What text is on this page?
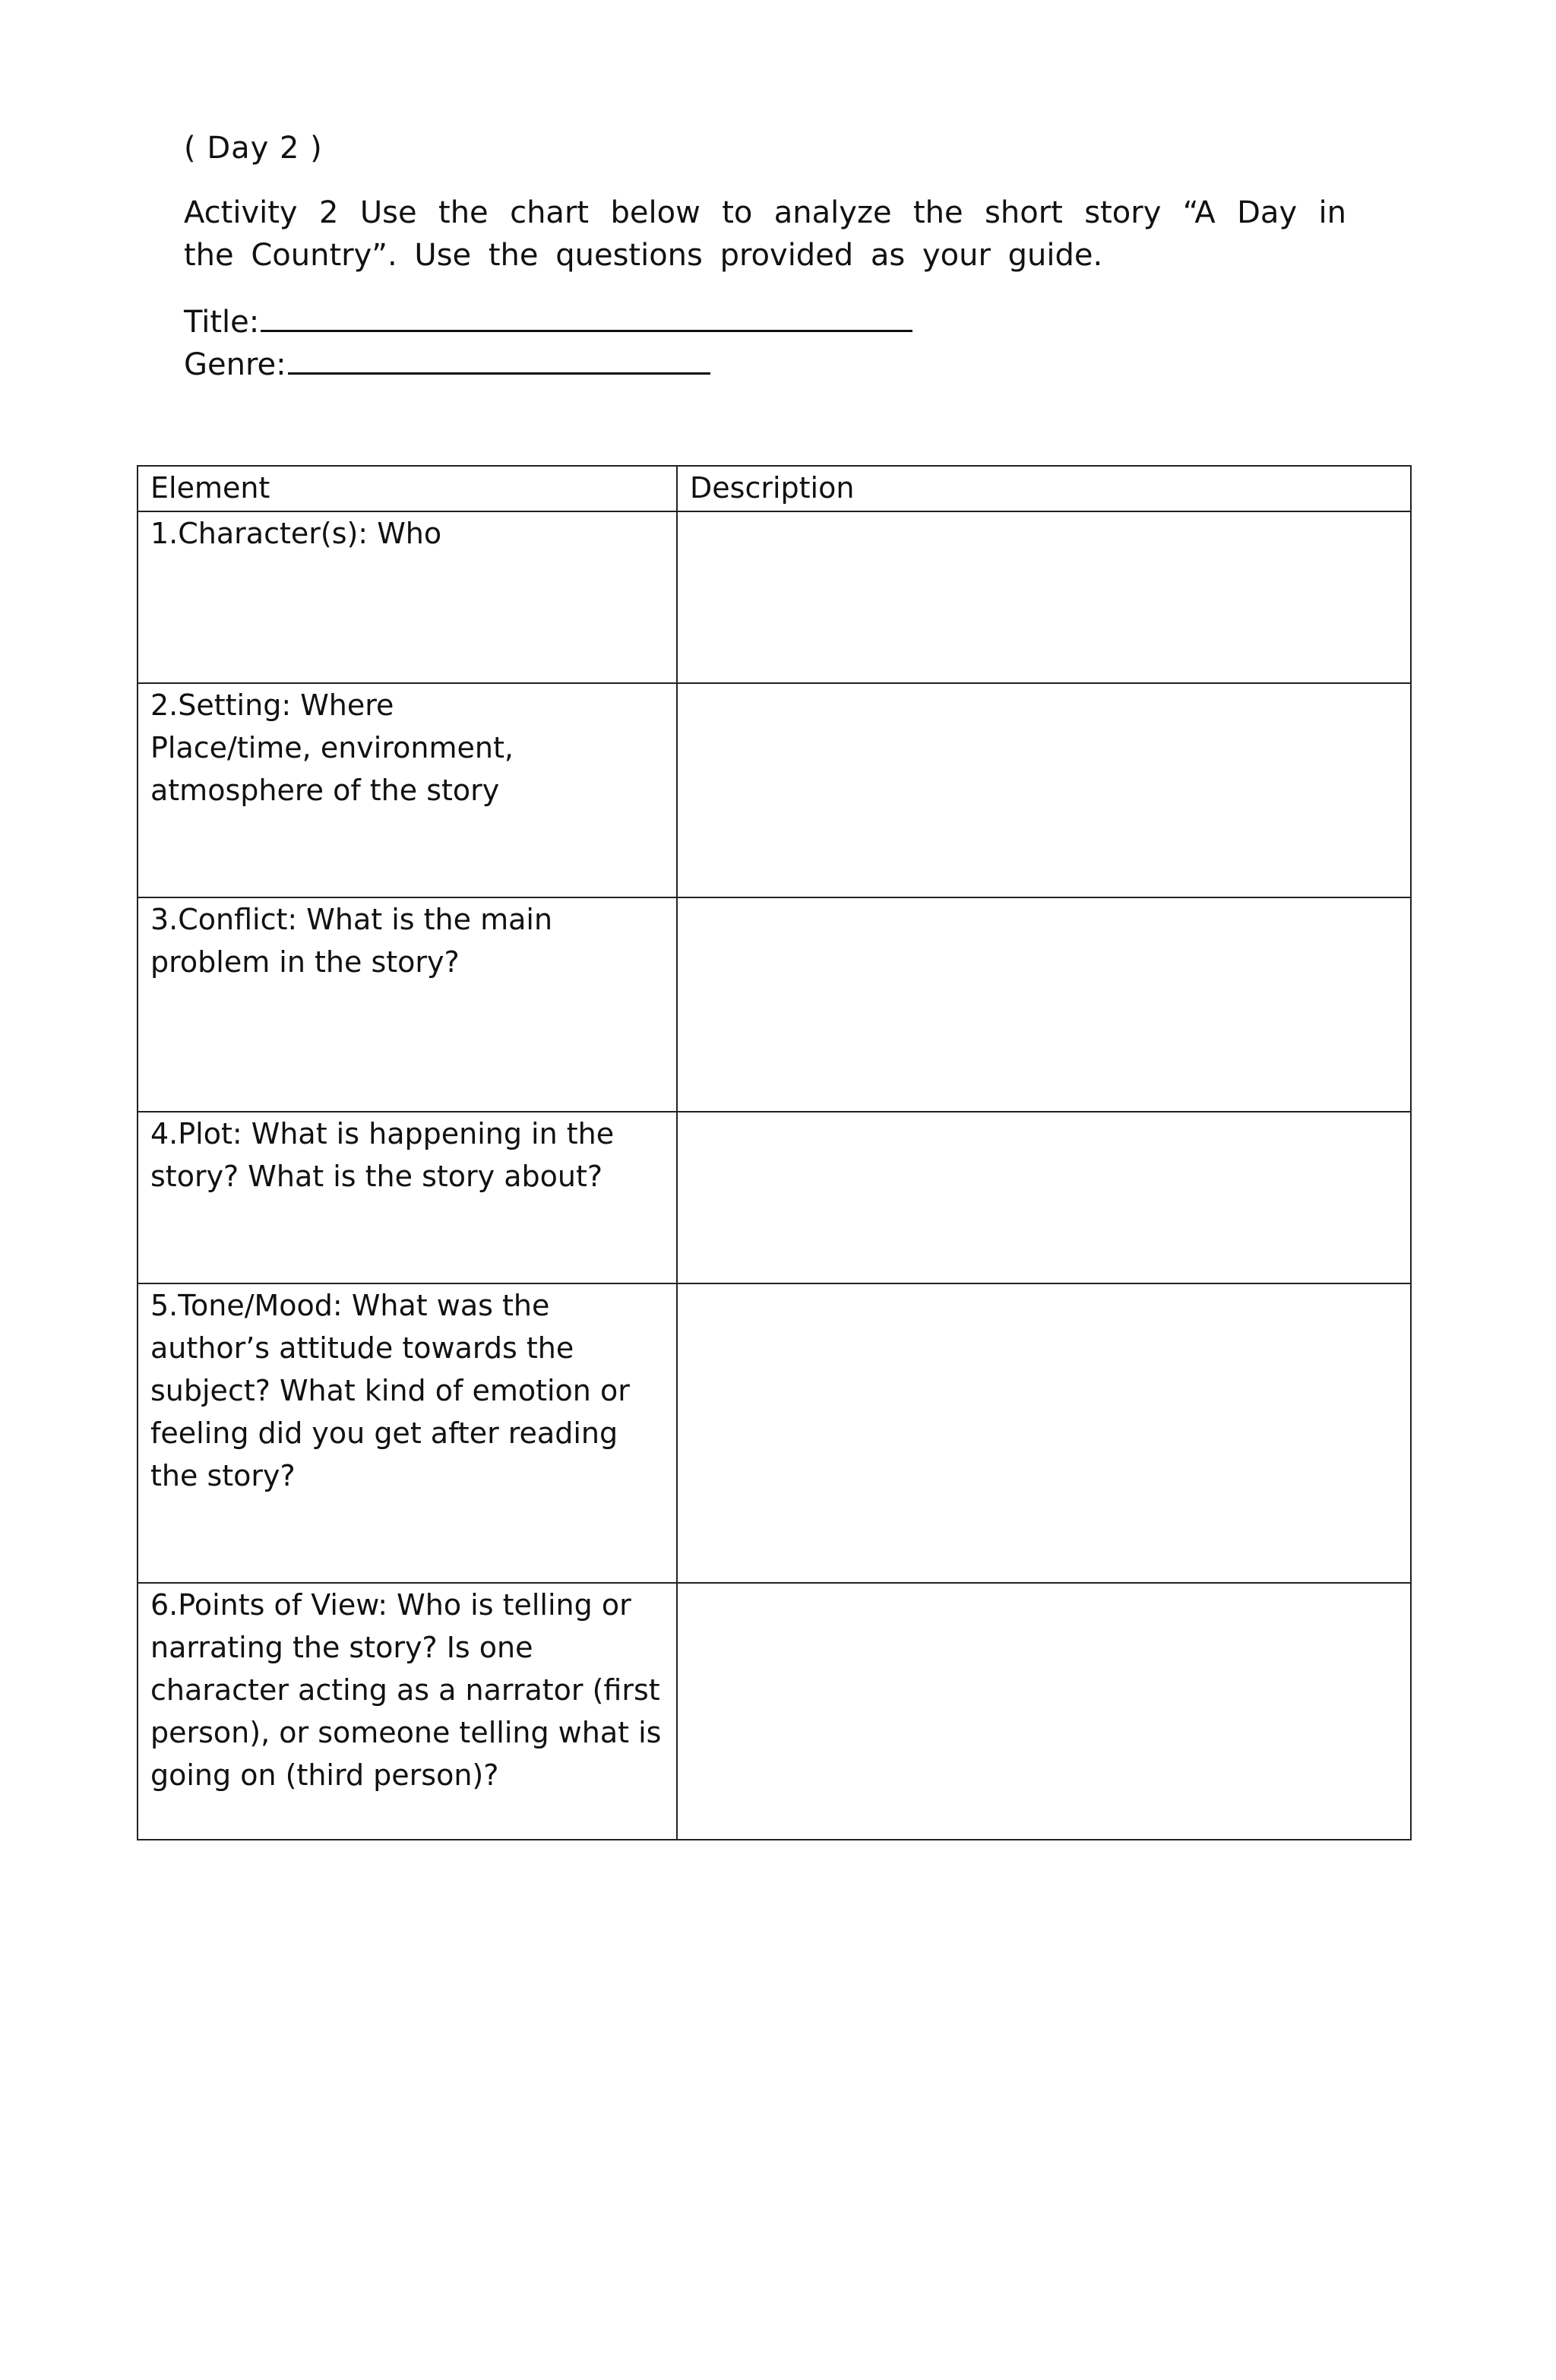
( Day 2 )
Activity 2 Use the chart below to analyze the short story “A Day in the Country”. Use the questions provided as your guide.
Title:
Genre:
Element	Description

1.Character(s): Who	

2.Setting: Where
Place/time, environment,
atmosphere of the story	

3.Conflict: What is the main problem in the story?	

4.Plot: What is happening in the story? What is the story about?	

5.Tone/Mood: What was the author’s attitude towards the subject? What kind of emotion or feeling did you get after reading the story?	

6.Points of View: Who is telling or narrating the story? Is one character acting as a narrator (first person), or someone telling what is going on (third person)?	
